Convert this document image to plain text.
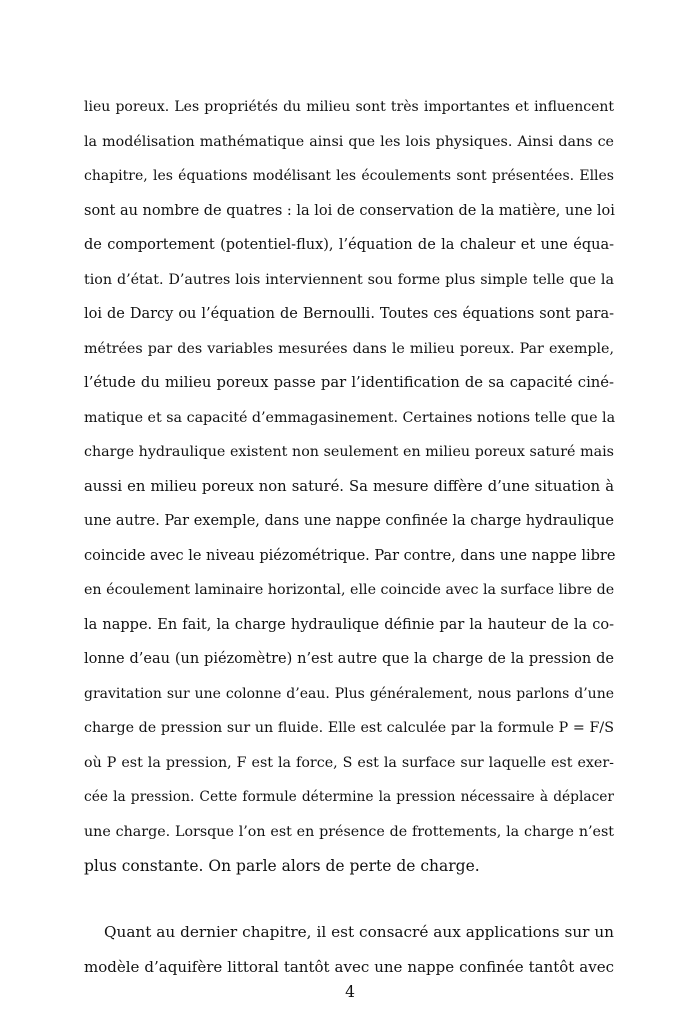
lieu poreux. Les propriétés du milieu sont très importantes et influencent
la modélisation mathématique ainsi que les lois physiques. Ainsi dans ce
chapitre, les équations modélisant les écoulements sont présentées. Elles
sont au nombre de quatres : la loi de conservation de la matière, une loi
de comportement (potentiel-flux), l’équation de la chaleur et une équa-
tion d’état. D’autres lois interviennent sou forme plus simple telle que la
loi de Darcy ou l’équation de Bernoulli. Toutes ces équations sont para-
métrées par des variables mesurées dans le milieu poreux. Par exemple,
l’étude du milieu poreux passe par l’identification de sa capacité ciné-
matique et sa capacité d’emmagasinement. Certaines notions telle que la
charge hydraulique existent non seulement en milieu poreux saturé mais
aussi en milieu poreux non saturé. Sa mesure diffère d’une situation à
une autre. Par exemple, dans une nappe confinée la charge hydraulique
coincide avec le niveau piézométrique. Par contre, dans une nappe libre
en écoulement laminaire horizontal, elle coincide avec la surface libre de
la nappe. En fait, la charge hydraulique définie par la hauteur de la co-
lonne d’eau (un piézomètre) n’est autre que la charge de la pression de
gravitation sur une colonne d’eau. Plus généralement, nous parlons d’une
charge de pression sur un fluide. Elle est calculée par la formule P = F/S
où P est la pression, F est la force, S est la surface sur laquelle est exer-
cée la pression. Cette formule détermine la pression nécessaire à déplacer
une charge. Lorsque l’on est en présence de frottements, la charge n’est
plus constante. On parle alors de perte de charge.
Quant au dernier chapitre, il est consacré aux applications sur un
modèle d’aquifère littoral tantôt avec une nappe confinée tantôt avec
4
